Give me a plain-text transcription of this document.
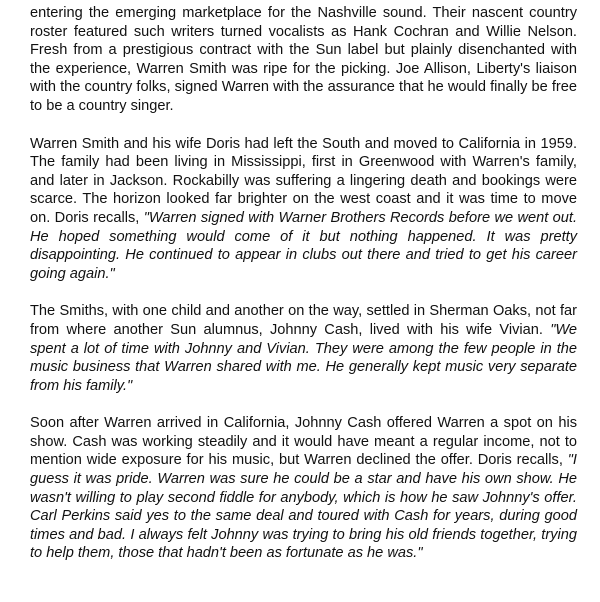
entering the emerging marketplace for the Nashville sound. Their nascent country roster featured such writers turned vocalists as Hank Cochran and Willie Nelson. Fresh from a prestigious contract with the Sun label but plainly disenchanted with the experience, Warren Smith was ripe for the picking. Joe Allison, Liberty's liaison with the country folks, signed Warren with the assurance that he would finally be free to be a country singer.

Warren Smith and his wife Doris had left the South and moved to California in 1959. The family had been living in Mississippi, first in Greenwood with Warren's family, and later in Jackson. Rockabilly was suffering a lingering death and bookings were scarce. The horizon looked far brighter on the west coast and it was time to move on. Doris recalls, "Warren signed with Warner Brothers Records before we went out. He hoped something would come of it but nothing happened. It was pretty disappointing. He continued to appear in clubs out there and tried to get his career going again."

The Smiths, with one child and another on the way, settled in Sherman Oaks, not far from where another Sun alumnus, Johnny Cash, lived with his wife Vivian. "We spent a lot of time with Johnny and Vivian. They were among the few people in the music business that Warren shared with me. He generally kept music very separate from his family."

Soon after Warren arrived in California, Johnny Cash offered Warren a spot on his show. Cash was working steadily and it would have meant a regular income, not to mention wide exposure for his music, but Warren declined the offer. Doris recalls, "I guess it was pride. Warren was sure he could be a star and have his own show. He wasn't willing to play second fiddle for anybody, which is how he saw Johnny's offer. Carl Perkins said yes to the same deal and toured with Cash for years, during good times and bad. I always felt Johnny was trying to bring his old friends together, trying to help them, those that hadn't been as fortunate as he was."
